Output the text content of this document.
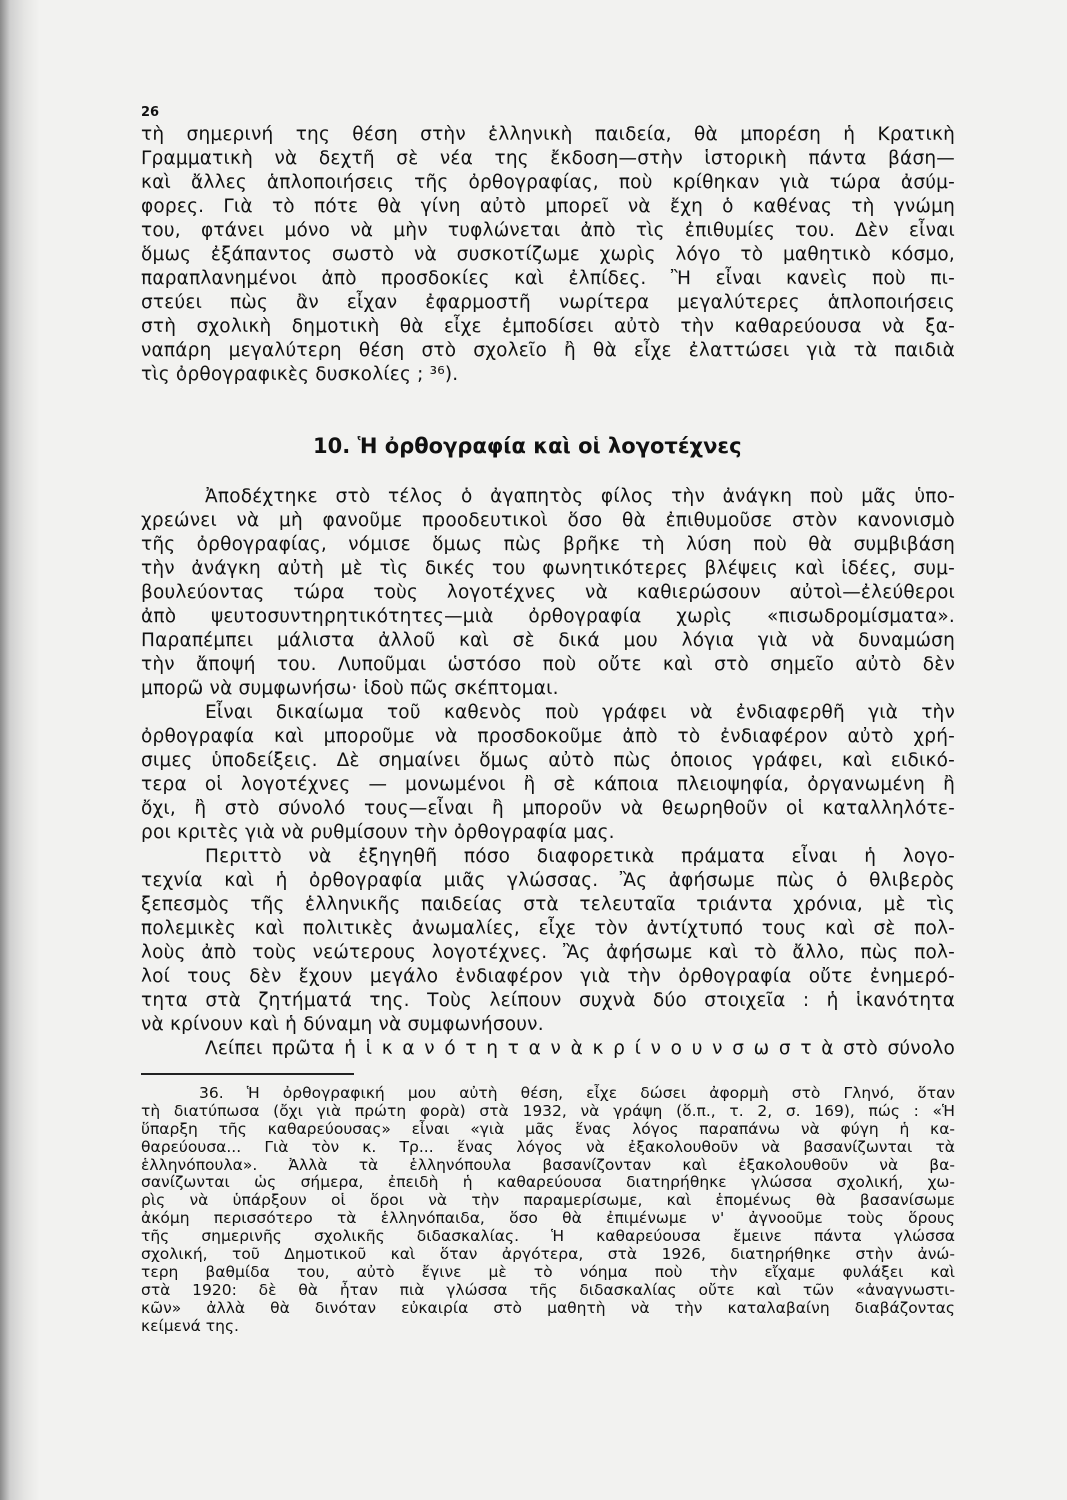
26
τὴ σημερινή της θέση στὴν ἑλληνικὴ παιδεία, θὰ μπορέση ἡ Κρατικὴ
Γραμματικὴ νὰ δεχτῆ σὲ νέα της ἔκδοση—στὴν ἱστορικὴ πάντα βάση—
καὶ ἄλλες ἁπλοποιήσεις τῆς ὀρθογραφίας, ποὺ κρίθηκαν γιὰ τώρα ἀσύμ-
φορες. Γιὰ τὸ πότε θὰ γίνη αὐτὸ μπορεῖ νὰ ἔχη ὁ καθένας τὴ γνώμη
του, φτάνει μόνο νὰ μὴν τυφλώνεται ἀπὸ τὶς ἐπιθυμίες του. Δὲν εἶναι
ὅμως ἐξάπαντος σωστὸ νὰ συσκοτίζωμε χωρὶς λόγο τὸ μαθητικὸ κόσμο,
παραπλανημένοι ἀπὸ προσδοκίες καὶ ἐλπίδες. Ἢ εἶναι κανεὶς ποὺ πι-
στεύει πὼς ἂν εἶχαν ἐφαρμοστῆ νωρίτερα μεγαλύτερες ἁπλοποιήσεις
στὴ σχολικὴ δημοτικὴ θὰ εἶχε ἐμποδίσει αὐτὸ τὴν καθαρεύουσα νὰ ξα-
ναπάρη μεγαλύτερη θέση στὸ σχολεῖο ἢ θὰ εἶχε ἐλαττώσει γιὰ τὰ παιδιὰ
τὶς ὀρθογραφικὲς δυσκολίες ; ³⁶).
10. Ἡ ὀρθογραφία καὶ οἱ λογοτέχνες
Ἀποδέχτηκε στὸ τέλος ὁ ἀγαπητὸς φίλος τὴν ἀνάγκη ποὺ μᾶς ὑπο-
χρεώνει νὰ μὴ φανοῦμε προοδευτικοὶ ὅσο θὰ ἐπιθυμοῦσε στὸν κανονισμὸ
τῆς ὀρθογραφίας, νόμισε ὅμως πὼς βρῆκε τὴ λύση ποὺ θὰ συμβιβάση
τὴν ἀνάγκη αὐτὴ μὲ τὶς δικές του φωνητικότερες βλέψεις καὶ ἰδέες, συμ-
βουλεύοντας τώρα τοὺς λογοτέχνες νὰ καθιερώσουν αὐτοὶ—ἐλεύθεροι
ἀπὸ ψευτοσυντηρητικότητες—μιὰ ὀρθογραφία χωρὶς «πισωδρομίσματα».
Παραπέμπει μάλιστα ἀλλοῦ καὶ σὲ δικά μου λόγια γιὰ νὰ δυναμώση
τὴν ἄποψή του. Λυποῦμαι ὡστόσο ποὺ οὔτε καὶ στὸ σημεῖο αὐτὸ δὲν
μπορῶ νὰ συμφωνήσω· ἰδοὺ πῶς σκέπτομαι.
Εἶναι δικαίωμα τοῦ καθενὸς ποὺ γράφει νὰ ἐνδιαφερθῆ γιὰ τὴν
ὀρθογραφία καὶ μποροῦμε νὰ προσδοκοῦμε ἀπὸ τὸ ἐνδιαφέρον αὐτὸ χρή-
σιμες ὑποδείξεις. Δὲ σημαίνει ὅμως αὐτὸ πὼς ὁποιος γράφει, καὶ ειδικό-
τερα οἱ λογοτέχνες — μονωμένοι ἢ σὲ κάποια πλειοψηφία, ὀργανωμένη ἢ
ὄχι, ἢ στὸ σύνολό τους—εἶναι ἢ μποροῦν νὰ θεωρηθοῦν οἱ καταλληλότε-
ροι κριτὲς γιὰ νὰ ρυθμίσουν τὴν ὀρθογραφία μας.
Περιττὸ νὰ ἐξηγηθῆ πόσο διαφορετικὰ πράματα εἶναι ἡ λογο-
τεχνία καὶ ἡ ὀρθογραφία μιᾶς γλώσσας. Ἂς ἀφήσωμε πὼς ὁ θλιβερὸς
ξεπεσμὸς τῆς ἑλληνικῆς παιδείας στὰ τελευταῖα τριάντα χρόνια, μὲ τὶς
πολεμικὲς καὶ πολιτικὲς ἀνωμαλίες, εἶχε τὸν ἀντίχτυπό τους καὶ σὲ πολ-
λοὺς ἀπὸ τοὺς νεώτερους λογοτέχνες. Ἂς ἀφήσωμε καὶ τὸ ἄλλο, πὼς πολ-
λοί τους δὲν ἔχουν μεγάλο ἐνδιαφέρον γιὰ τὴν ὀρθογραφία οὔτε ἐνημερό-
τητα στὰ ζητήματά της. Τοὺς λείπουν συχνὰ δύο στοιχεῖα : ἡ ἱκανότητα
νὰ κρίνουν καὶ ἡ δύναμη νὰ συμφωνήσουν.
Λείπει πρῶτα ἡ ἱ κ α ν ό τ η τ α ν ὰ κ ρ ί ν ο υ ν σ ω σ τ ὰ στὸ σύνολο
36. Ἡ ὀρθογραφική μου αὐτὴ θέση, εἶχε δώσει ἀφορμὴ στὸ Γληνό, ὅταν
τὴ διατύπωσα (ὄχι γιὰ πρώτη φορὰ) στὰ 1932, νὰ γράψη (ὅ.π., τ. 2, σ. 169), πώς : «Ἡ
ὕπαρξη τῆς καθαρεύουσας» εἶναι «γιὰ μᾶς ἕνας λόγος παραπάνω νὰ φύγη ἡ κα-
θαρεύουσα... Γιὰ τὸν κ. Τρ... ἕνας λόγος νὰ ἐξακολουθοῦν νὰ βασανίζωνται τὰ
ἑλληνόπουλα». Ἀλλὰ τὰ ἑλληνόπουλα βασανίζονταν καὶ ἐξακολουθοῦν νὰ βα-
σανίζωνται ὡς σήμερα, ἐπειδὴ ἡ καθαρεύουσα διατηρήθηκε γλώσσα σχολική, χω-
ρὶς νὰ ὑπάρξουν οἱ ὅροι νὰ τὴν παραμερίσωμε, καὶ ἑπομένως θὰ βασανίσωμε
ἀκόμη περισσότερο τὰ ἑλληνόπαιδα, ὅσο θὰ ἐπιμένωμε ν' ἀγνοοῦμε τοὺς ὅρους
τῆς σημερινῆς σχολικῆς διδασκαλίας. Ἡ καθαρεύουσα ἔμεινε πάντα γλώσσα
σχολική, τοῦ Δημοτικοῦ καὶ ὅταν ἀργότερα, στὰ 1926, διατηρήθηκε στὴν ἀνώ-
τερη βαθμίδα του, αὐτὸ ἔγινε μὲ τὸ νόημα ποὺ τὴν εἴχαμε φυλάξει καὶ
στὰ 1920: δὲ θὰ ἦταν πιὰ γλώσσα τῆς διδασκαλίας οὔτε καὶ τῶν «ἀναγνωστι-
κῶν» ἀλλὰ θὰ δινόταν εὐκαιρία στὸ μαθητὴ νὰ τὴν καταλαβαίνη διαβάζοντας
κείμενά της.
